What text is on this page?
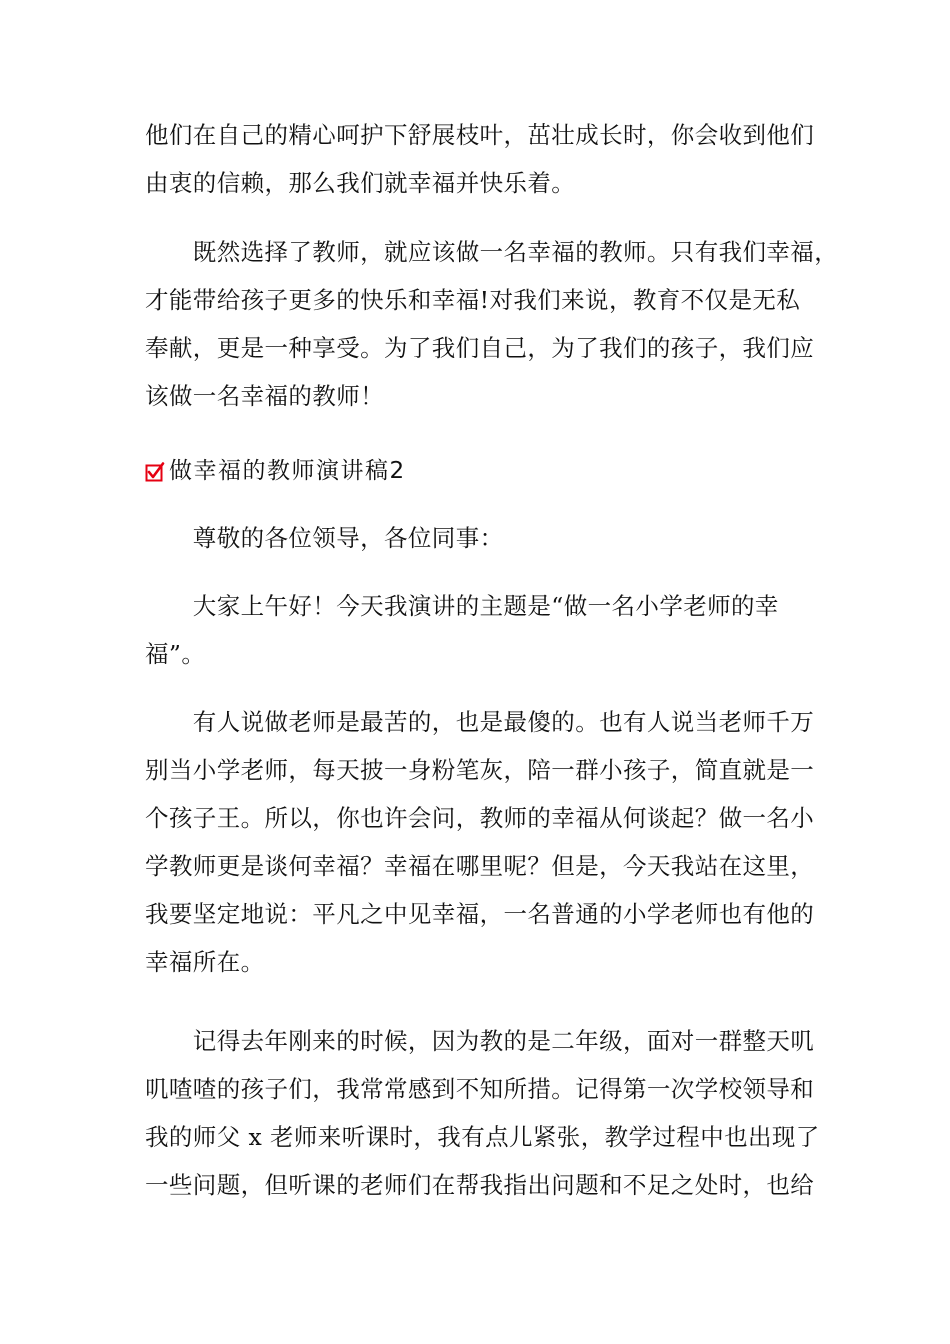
他们在自己的精心呵护下舒展枝叶，茁壮成长时，你会收到他们
由衷的信赖，那么我们就幸福并快乐着。
　　既然选择了教师，就应该做一名幸福的教师。只有我们幸福，
才能带给孩子更多的快乐和幸福!对我们来说，教育不仅是无私
奉献，更是一种享受。为了我们自己，为了我们的孩子，我们应
该做一名幸福的教师！
做幸福的教师演讲稿2
　　尊敬的各位领导，各位同事：
　　大家上午好！今天我演讲的主题是“做一名小学老师的幸
福”。
　　有人说做老师是最苦的，也是最傻的。也有人说当老师千万
别当小学老师，每天披一身粉笔灰，陪一群小孩子，简直就是一
个孩子王。所以，你也许会问，教师的幸福从何谈起？做一名小
学教师更是谈何幸福？幸福在哪里呢？但是，今天我站在这里，
我要坚定地说：平凡之中见幸福，一名普通的小学老师也有他的
幸福所在。
　　记得去年刚来的时候，因为教的是二年级，面对一群整天叽
叽喳喳的孩子们，我常常感到不知所措。记得第一次学校领导和
我的师父 x 老师来听课时，我有点儿紧张，教学过程中也出现了
一些问题，但听课的老师们在帮我指出问题和不足之处时，也给
